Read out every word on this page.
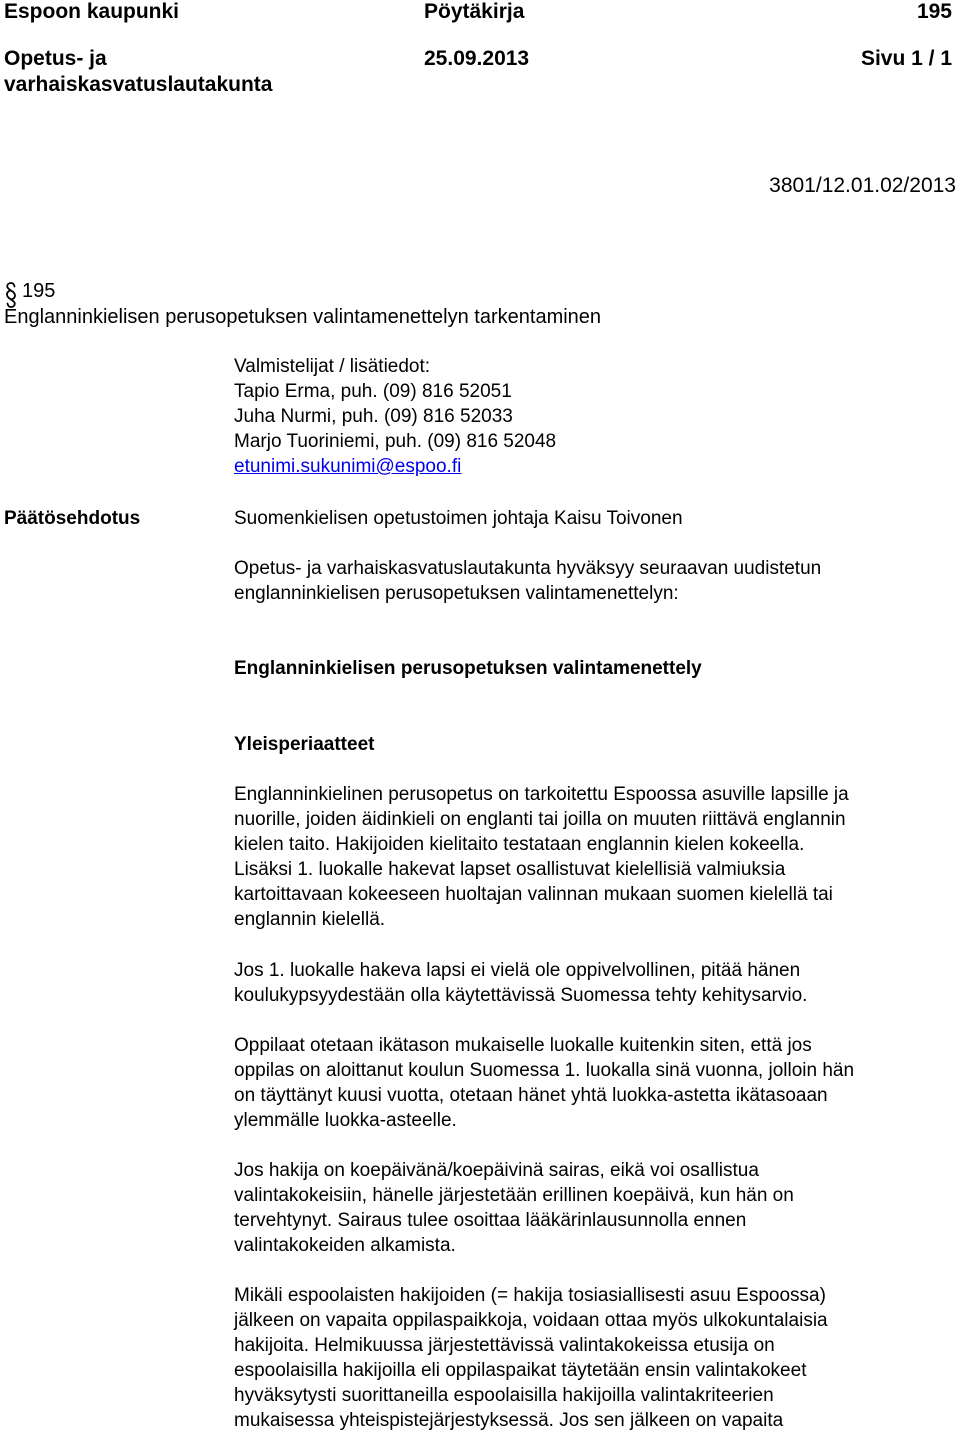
Espoon kaupunki	Pöytäkirja	195

Opetus- ja

varhaiskasvatuslautakunta

25.09.2013	Sivu 1 / 1

3801/12.01.02/2013

195

Englanninkielisen perusopetuksen valintamenettelyn tarkentaminen

Valmistelijat / lisätiedot:

Tapio Erma, puh. (09) 816 52051

Juha Nurmi, puh. (09) 816 52033

Marjo Tuoriniemi, puh. (09) 816 52048

etunimi.sukunimi@espoo.fi

Päätösehdotus	Suomenkielisen opetustoimen johtaja Kaisu Toivonen

Opetus- ja varhaiskasvatuslautakunta hyväksyy seuraavan uudistetun
englanninkielisen perusopetuksen valintamenettelyn:

Englanninkielisen perusopetuksen valintamenettely

Yleisperiaatteet

Englanninkielinen perusopetus on tarkoitettu Espoossa asuville lapsille ja
nuorille, joiden äidinkieli on englanti tai joilla on muuten riittävä englannin
kielen taito. Hakijoiden kielitaito testataan englannin kielen kokeella.
Lisäksi 1. luokalle hakevat lapset osallistuvat kielellisiä valmiuksia
kartoittavaan kokeeseen huoltajan valinnan mukaan suomen kielellä tai
englannin kielellä.

Jos 1. luokalle hakeva lapsi ei vielä ole oppivelvollinen, pitää hänen
koulukypsyydestään olla käytettävissä Suomessa tehty kehitysarvio.

Oppilaat otetaan ikätason mukaiselle luokalle kuitenkin siten, että jos
oppilas on aloittanut koulun Suomessa 1. luokalla sinä vuonna, jolloin hän
on täyttänyt kuusi vuotta, otetaan hänet yhtä luokka-astetta ikätasoaan
ylemmälle luokka-asteelle.

Jos hakija on koepäivänä/koepäivinä sairas, eikä voi osallistua
valintakokeisiin, hänelle järjestetään erillinen koepäivä, kun hän on
tervehtynyt. Sairaus tulee osoittaa lääkärinlausunnolla ennen
valintakokeiden alkamista.

Mikäli espoolaisten hakijoiden (= hakija tosiasiallisesti asuu Espoossa)
jälkeen on vapaita oppilaspaikkoja, voidaan ottaa myös ulkokuntalaisia
hakijoita. Helmikuussa järjestettävissä valintakokeissa etusija on
espoolaisilla hakijoilla eli oppilaspaikat täytetään ensin valintakokeet
hyväksytysti suorittaneilla espoolaisilla hakijoilla valintakriteerien
mukaisessa yhteispistejärjestyksessä. Jos sen jälkeen on vapaita
